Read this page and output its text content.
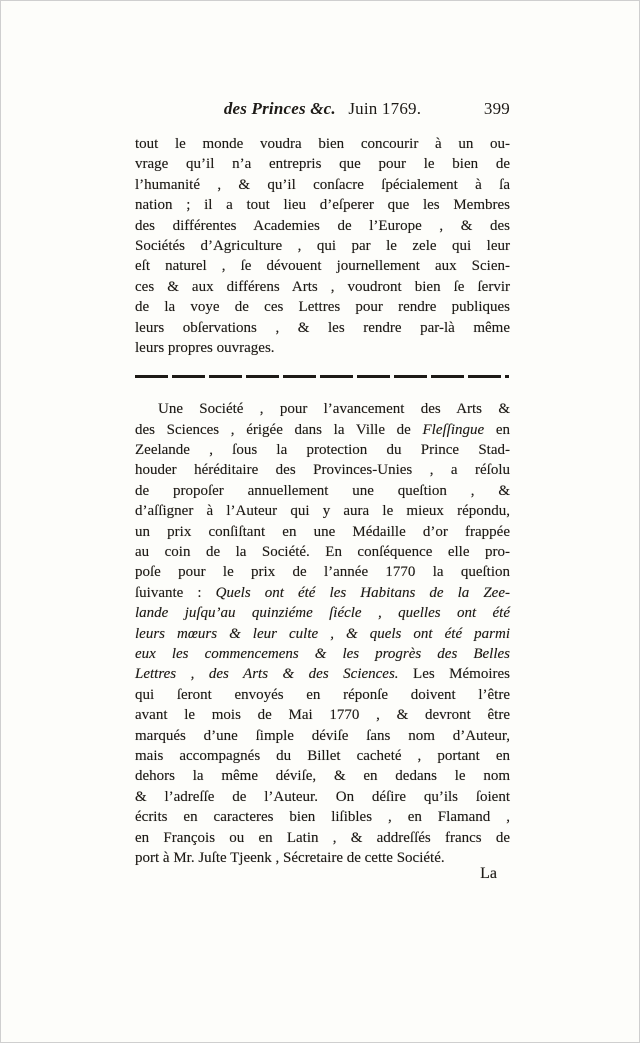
des Princes &c. Juin 1769.	399
tout le monde voudra bien concourir à un ou-
vrage qu’il n’a entrepris que pour le bien de
l’humanité , & qu’il conſacre ſpécialement à ſa
nation ; il a tout lieu d’eſperer que les Membres
des différentes Academies de l’Europe , & des
Sociétés d’Agriculture , qui par le zele qui leur
eſt naturel , ſe dévouent journellement aux Scien-
ces & aux différens Arts , voudront bien ſe ſervir
de la voye de ces Lettres pour rendre publiques
leurs obſervations , & les rendre par-là même
leurs propres ouvrages.
Une Société , pour l’avancement des Arts &
des Sciences , érigée dans la Ville de Fleſſingue en
Zeelande , ſous la protection du Prince Stad-
houder héréditaire des Provinces-Unies , a réſolu
de propoſer annuellement une queſtion , &
d’aſſigner à l’Auteur qui y aura le mieux répondu,
un prix conſiſtant en une Médaille d’or frappée
au coin de la Société. En conſéquence elle pro-
poſe pour le prix de l’année 1770 la queſtion
ſuivante : Quels ont été les Habitans de la Zee-
lande juſqu’au quinziéme ſiécle , quelles ont été
leurs mœurs & leur culte , & quels ont été parmi
eux les commencemens & les progrès des Belles
Lettres , des Arts & des Sciences. Les Mémoires
qui ſeront envoyés en réponſe doivent l’être
avant le mois de Mai 1770 , & devront être
marqués d’une ſimple déviſe ſans nom d’Auteur,
mais accompagnés du Billet cacheté , portant en
dehors la même déviſe, & en dedans le nom
& l’adreſſe de l’Auteur. On déſire qu’ils ſoient
écrits en caracteres bien liſibles , en Flamand ,
en François ou en Latin , & addreſſés francs de
port à Mr. Juſte Tjeenk , Sécretaire de cette Société.
La
